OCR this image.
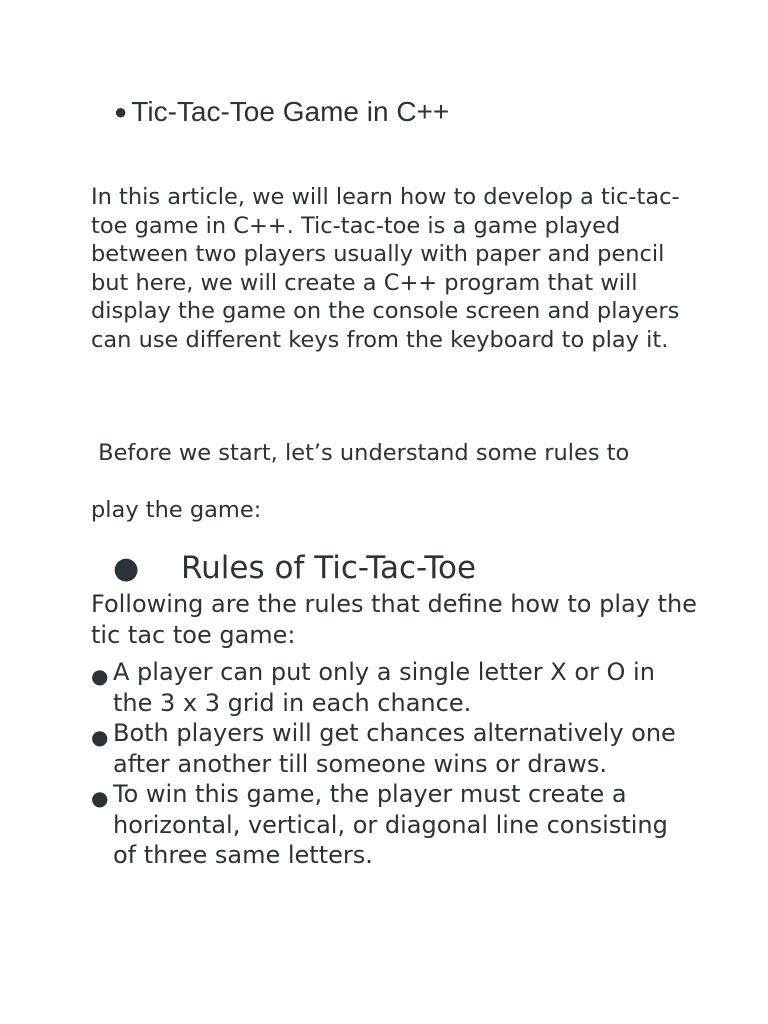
● Tic-Tac-Toe Game in C++

In this article, we will learn how to develop a tic-tac-toe game in C++. Tic-tac-toe is a game played between two players usually with paper and pencil but here, we will create a C++ program that will display the game on the console screen and players can use different keys from the keyboard to play it.

Before we start, let’s understand some rules to
play the game:
● Rules of Tic-Tac-Toe

Following are the rules that define how to play the tic tac toe game:

● A player can put only a single letter X or O in the 3 x 3 grid in each chance.
● Both players will get chances alternatively one after another till someone wins or draws.
● To win this game, the player must create a horizontal, vertical, or diagonal line consisting of three same letters.
